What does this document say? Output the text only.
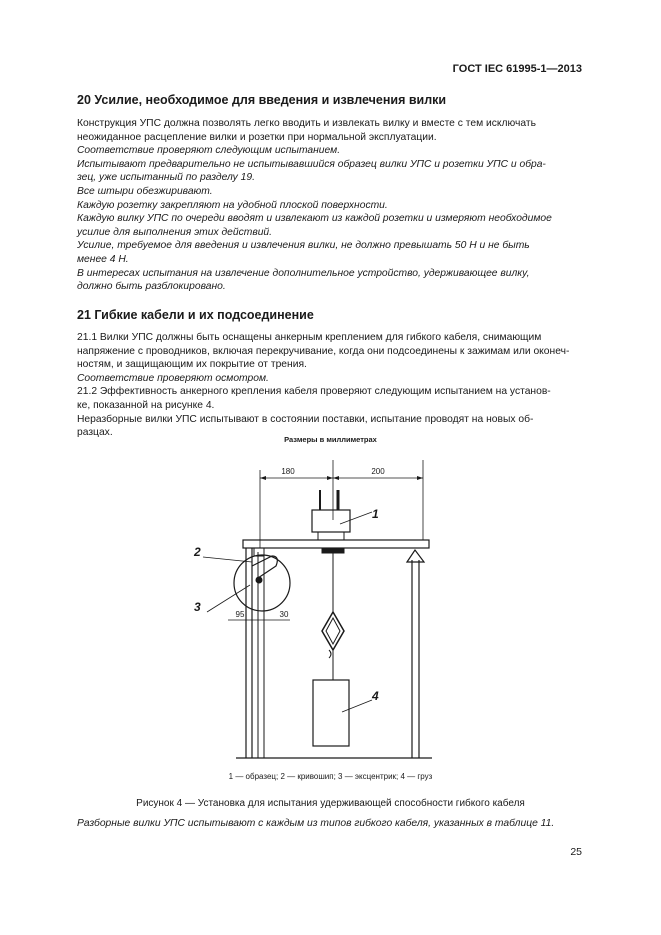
ГОСТ IEC 61995-1—2013
20 Усилие, необходимое для введения и извлечения вилки

Конструкция УПС должна позволять легко вводить и извлекать вилку и вместе с тем исключать

неожиданное расцепление вилки и розетки при нормальной эксплуатации.

Соответствие проверяют следующим испытанием.

Испытывают предварительно не испытывавшийся образец вилки УПС и розетки УПС и обра-

зец, уже испытанный по разделу 19.

Все штыри обезжиривают.

Каждую розетку закрепляют на удобной плоской поверхности.

Каждую вилку УПС по очереди вводят и извлекают из каждой розетки и измеряют необходимое

усилие для выполнения этих действий.

Усилие, требуемое для введения и извлечения вилки, не должно превышать 50 Н и не быть

менее 4 Н.

В интересах испытания на извлечение дополнительное устройство, удерживающее вилку,

должно быть разблокировано.

21 Гибкие кабели и их подсоединение

21.1 Вилки УПС должны быть оснащены анкерным креплением для гибкого кабеля, снимающим

напряжение с проводников, включая перекручивание, когда они подсоединены к зажимам или оконеч-

ностям, и защищающим их покрытие от трения.

Соответствие проверяют осмотром.

21.2 Эффективность анкерного крепления кабеля проверяют следующим испытанием на установ-

ке, показанной на рисунке 4.

Неразборные вилки УПС испытывают в состоянии поставки, испытание проводят на новых об-

разцах.

Размеры в миллиметрах
180	200
95	30
1
2
3
4
1 — образец; 2 — кривошип; 3 — эксцентрик; 4 — груз
Рисунок 4 — Установка для испытания удерживающей способности гибкого кабеля
Разборные вилки УПС испытывают с каждым из типов гибкого кабеля, указанных в таблице 11.
25
